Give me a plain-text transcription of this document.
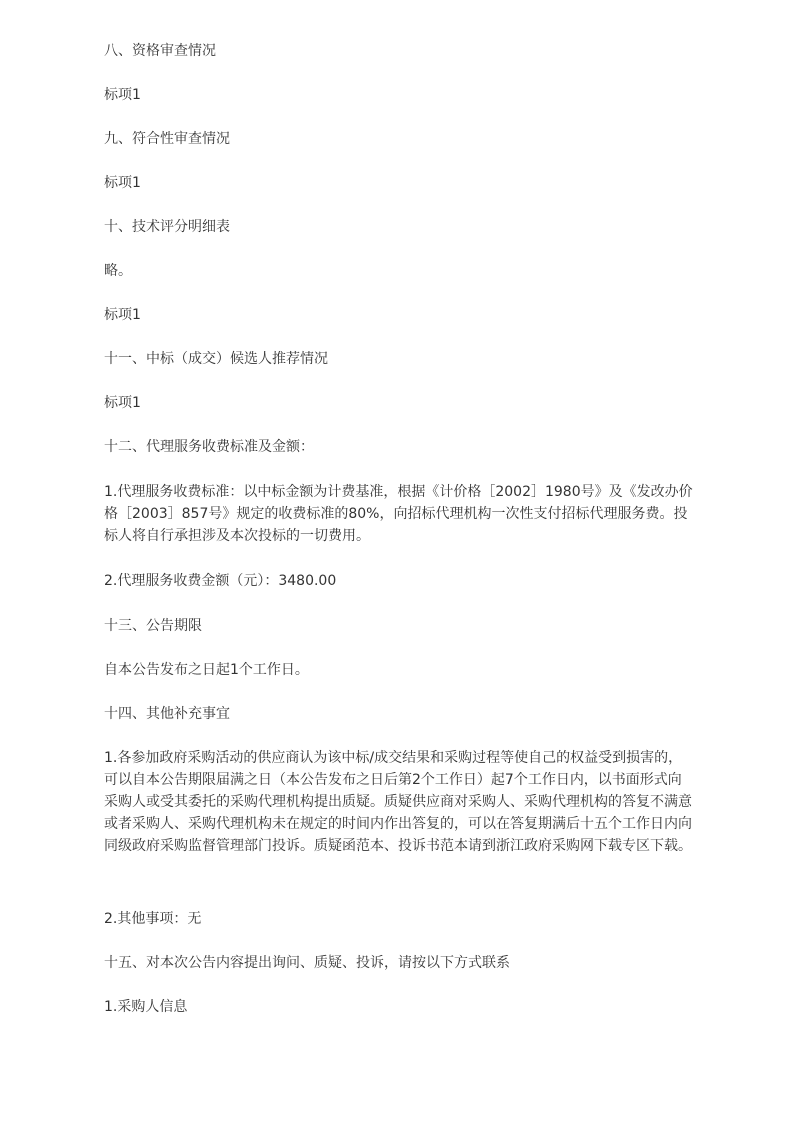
八、资格审查情况

标项1

九、符合性审查情况

标项1

十、技术评分明细表

略。

标项1

十一、中标（成交）候选人推荐情况

标项1

十二、代理服务收费标准及金额：

1.代理服务收费标准：以中标金额为计费基准，根据《计价格［2002］1980号》及《发改办价格［2003］857号》规定的收费标准的80%，向招标代理机构一次性支付招标代理服务费。投标人将自行承担涉及本次投标的一切费用。

2.代理服务收费金额（元）：3480.00

十三、公告期限

自本公告发布之日起1个工作日。

十四、其他补充事宜

1.各参加政府采购活动的供应商认为该中标/成交结果和采购过程等使自己的权益受到损害的，可以自本公告期限届满之日（本公告发布之日后第2个工作日）起7个工作日内，以书面形式向采购人或受其委托的采购代理机构提出质疑。质疑供应商对采购人、采购代理机构的答复不满意或者采购人、采购代理机构未在规定的时间内作出答复的，可以在答复期满后十五个工作日内向同级政府采购监督管理部门投诉。质疑函范本、投诉书范本请到浙江政府采购网下载专区下载。

2.其他事项：无

十五、对本次公告内容提出询问、质疑、投诉，请按以下方式联系

1.采购人信息
